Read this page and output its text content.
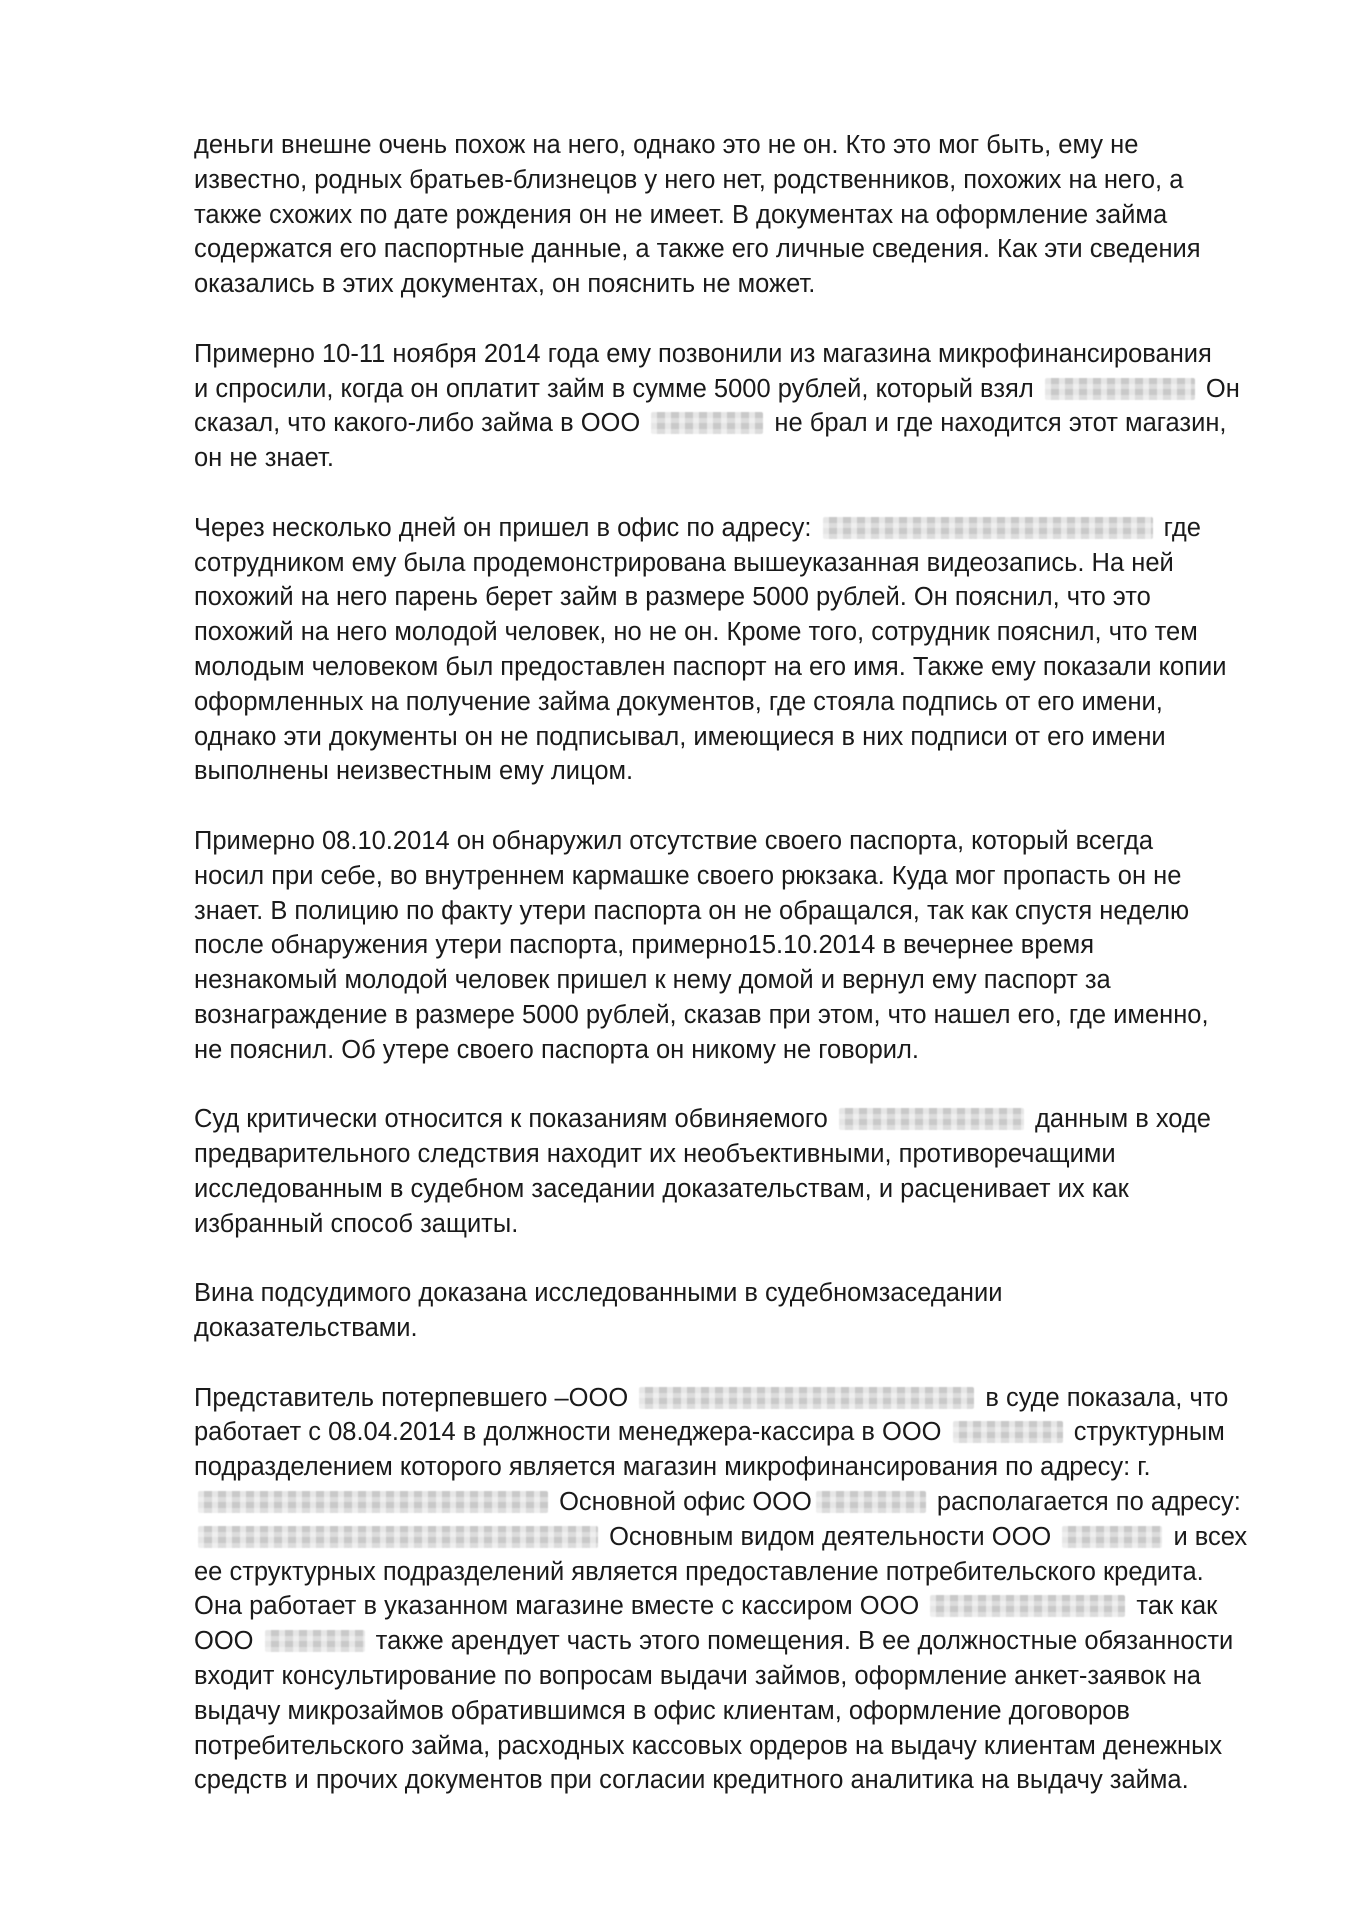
деньги внешне очень похож на него, однако это не он. Кто это мог быть, ему не
известно, родных братьев-близнецов у него нет, родственников, похожих на него, а
также схожих по дате рождения он не имеет. В документах на оформление займа
содержатся его паспортные данные, а также его личные сведения. Как эти сведения
оказались в этих документах, он пояснить не может.
Примерно 10-11 ноября 2014 года ему позвонили из магазина микрофинансирования
и спросили, когда он оплатит займ в сумме 5000 рублей, который взял	Он
сказал, что какого-либо займа в ООО	не брал и где находится этот магазин,
он не знает.
Через несколько дней он пришел в офис по адресу:	где
сотрудником ему была продемонстрирована вышеуказанная видеозапись. На ней
похожий на него парень берет займ в размере 5000 рублей. Он пояснил, что это
похожий на него молодой человек, но не он. Кроме того, сотрудник пояснил, что тем
молодым человеком был предоставлен паспорт на его имя. Также ему показали копии
оформленных на получение займа документов, где стояла подпись от его имени,
однако эти документы он не подписывал, имеющиеся в них подписи от его имени
выполнены неизвестным ему лицом.
Примерно 08.10.2014 он обнаружил отсутствие своего паспорта, который всегда
носил при себе, во внутреннем кармашке своего рюкзака. Куда мог пропасть он не
знает. В полицию по факту утери паспорта он не обращался, так как спустя неделю
после обнаружения утери паспорта, примерно15.10.2014 в вечернее время
незнакомый молодой человек пришел к нему домой и вернул ему паспорт за
вознаграждение в размере 5000 рублей, сказав при этом, что нашел его, где именно,
не пояснил. Об утере своего паспорта он никому не говорил.
Суд критически относится к показаниям обвиняемого	данным в ходе
предварительного следствия находит их необъективными, противоречащими
исследованным в судебном заседании доказательствам, и расценивает их как
избранный способ защиты.
Вина подсудимого доказана исследованными в судебномзаседании
доказательствами.
Представитель потерпевшего –ООО	в суде показала, что
работает с 08.04.2014 в должности менеджера-кассира в ООО	структурным
подразделением которого является магазин микрофинансирования по адресу: г.
Основной офис ООО	располагается по адресу:
Основным видом деятельности ООО	и всех
ее структурных подразделений является предоставление потребительского кредита.
Она работает в указанном магазине вместе с кассиром ООО	так как
ООО	также арендует часть этого помещения. В ее должностные обязанности
входит консультирование по вопросам выдачи займов, оформление анкет-заявок на
выдачу микрозаймов обратившимся в офис клиентам, оформление договоров
потребительского займа, расходных кассовых ордеров на выдачу клиентам денежных
средств и прочих документов при согласии кредитного аналитика на выдачу займа.
